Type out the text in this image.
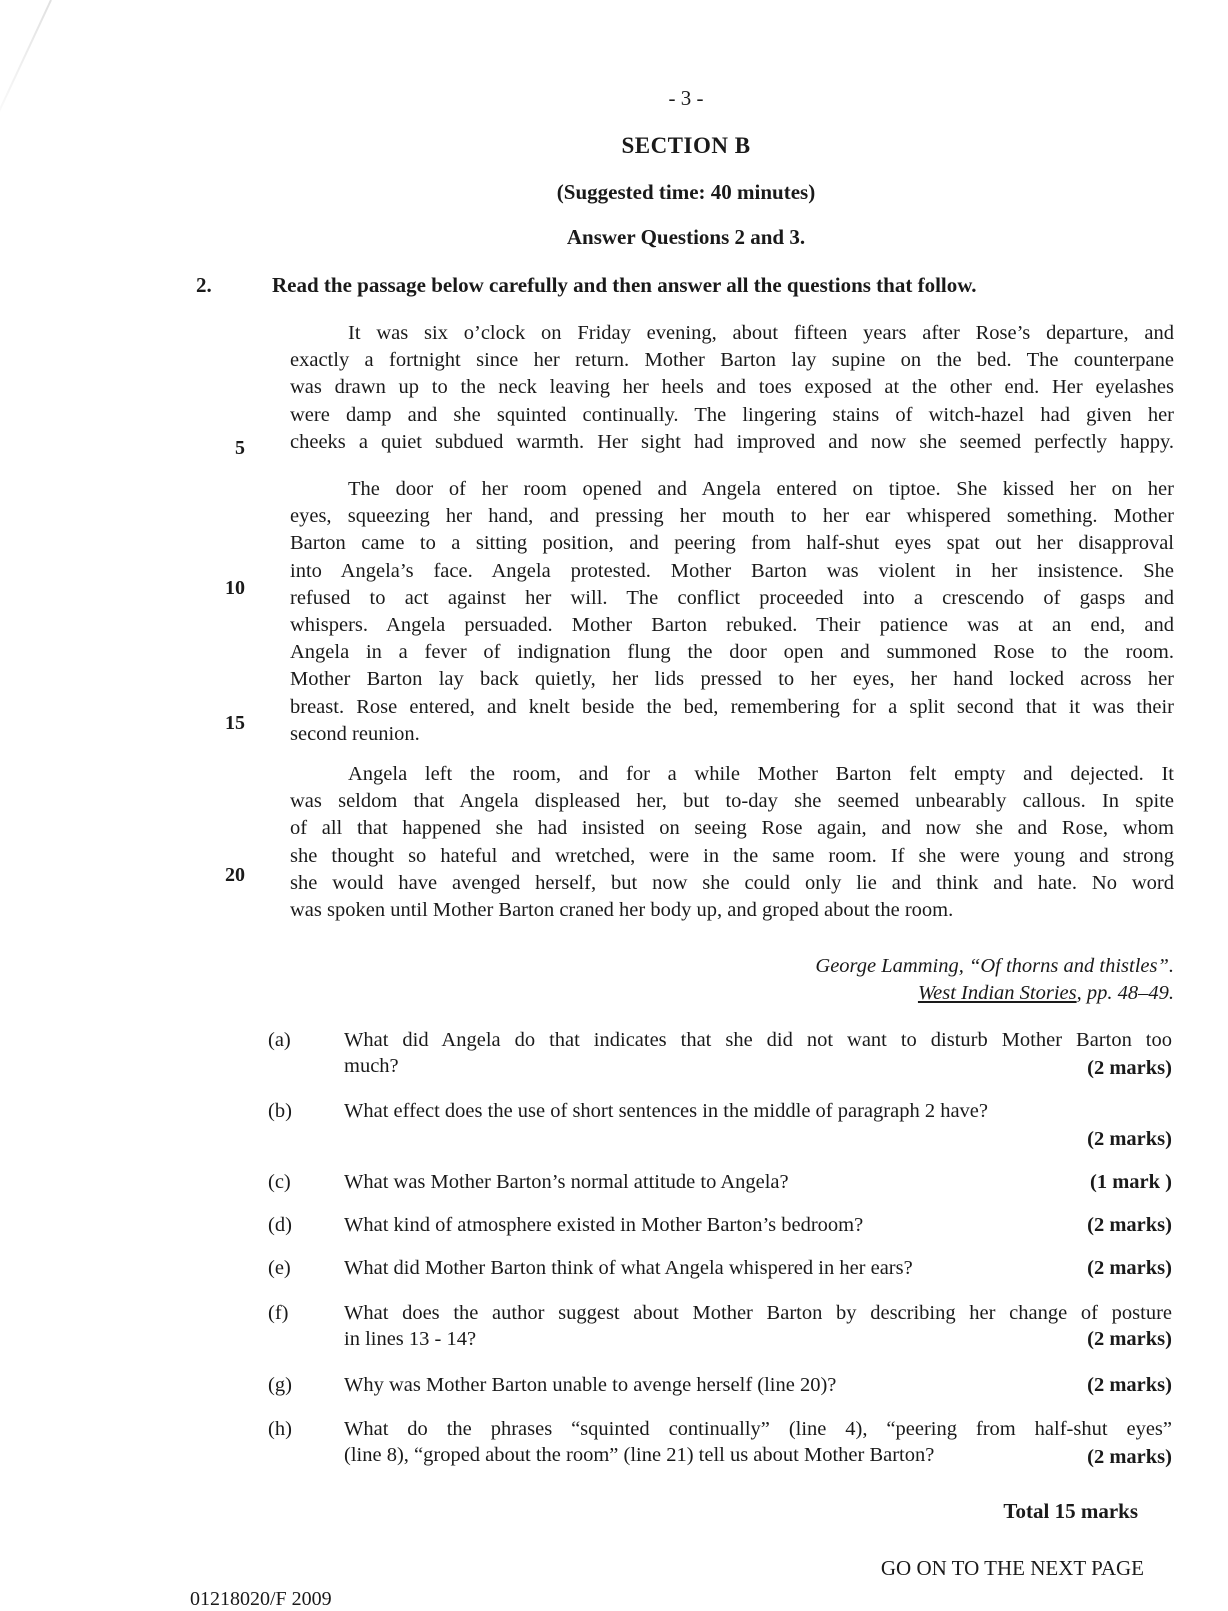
- 3 -
SECTION B
(Suggested time: 40 minutes)
Answer Questions 2 and 3.
2.	Read the passage below carefully and then answer all the questions that follow.
It was six o’clock on Friday evening, about fifteen years after Rose’s departure, and
exactly a fortnight since her return. Mother Barton lay supine on the bed. The counterpane
was drawn up to the neck leaving her heels and toes exposed at the other end. Her eyelashes
were damp and she squinted continually. The lingering stains of witch-hazel had given her
cheeks a quiet subdued warmth. Her sight had improved and now she seemed perfectly happy.
The door of her room opened and Angela entered on tiptoe. She kissed her on her
eyes, squeezing her hand, and pressing her mouth to her ear whispered something. Mother
Barton came to a sitting position, and peering from half-shut eyes spat out her disapproval
into Angela’s face. Angela protested. Mother Barton was violent in her insistence. She
refused to act against her will. The conflict proceeded into a crescendo of gasps and
whispers. Angela persuaded. Mother Barton rebuked. Their patience was at an end, and
Angela in a fever of indignation flung the door open and summoned Rose to the room.
Mother Barton lay back quietly, her lids pressed to her eyes, her hand locked across her
breast. Rose entered, and knelt beside the bed, remembering for a split second that it was their
second reunion.
Angela left the room, and for a while Mother Barton felt empty and dejected. It
was seldom that Angela displeased her, but to-day she seemed unbearably callous. In spite
of all that happened she had insisted on seeing Rose again, and now she and Rose, whom
she thought so hateful and wretched, were in the same room. If she were young and strong
she would have avenged herself, but now she could only lie and think and hate. No word
was spoken until Mother Barton craned her body up, and groped about the room.
5
10
15
20
George Lamming, “Of thorns and thistles”.
West Indian Stories, pp. 48–49.
(a)	What did Angela do that indicates that she did not want to disturb Mother Barton too
much?	(2 marks)
(b)	What effect does the use of short sentences in the middle of paragraph 2 have?
(2 marks)
(c)	What was Mother Barton’s normal attitude to Angela?	(1 mark )
(d)	What kind of atmosphere existed in Mother Barton’s bedroom?	(2 marks)
(e)	What did Mother Barton think of what Angela whispered in her ears?	(2 marks)
(f)	What does the author suggest about Mother Barton by describing her change of posture
in lines 13 - 14?	(2 marks)
(g)	Why was Mother Barton unable to avenge herself (line 20)?	(2 marks)
(h)	What do the phrases “squinted continually” (line 4), “peering from half-shut eyes”
(line 8), “groped about the room” (line 21) tell us about Mother Barton?	(2 marks)
Total 15 marks
GO ON TO THE NEXT PAGE
01218020/F 2009
